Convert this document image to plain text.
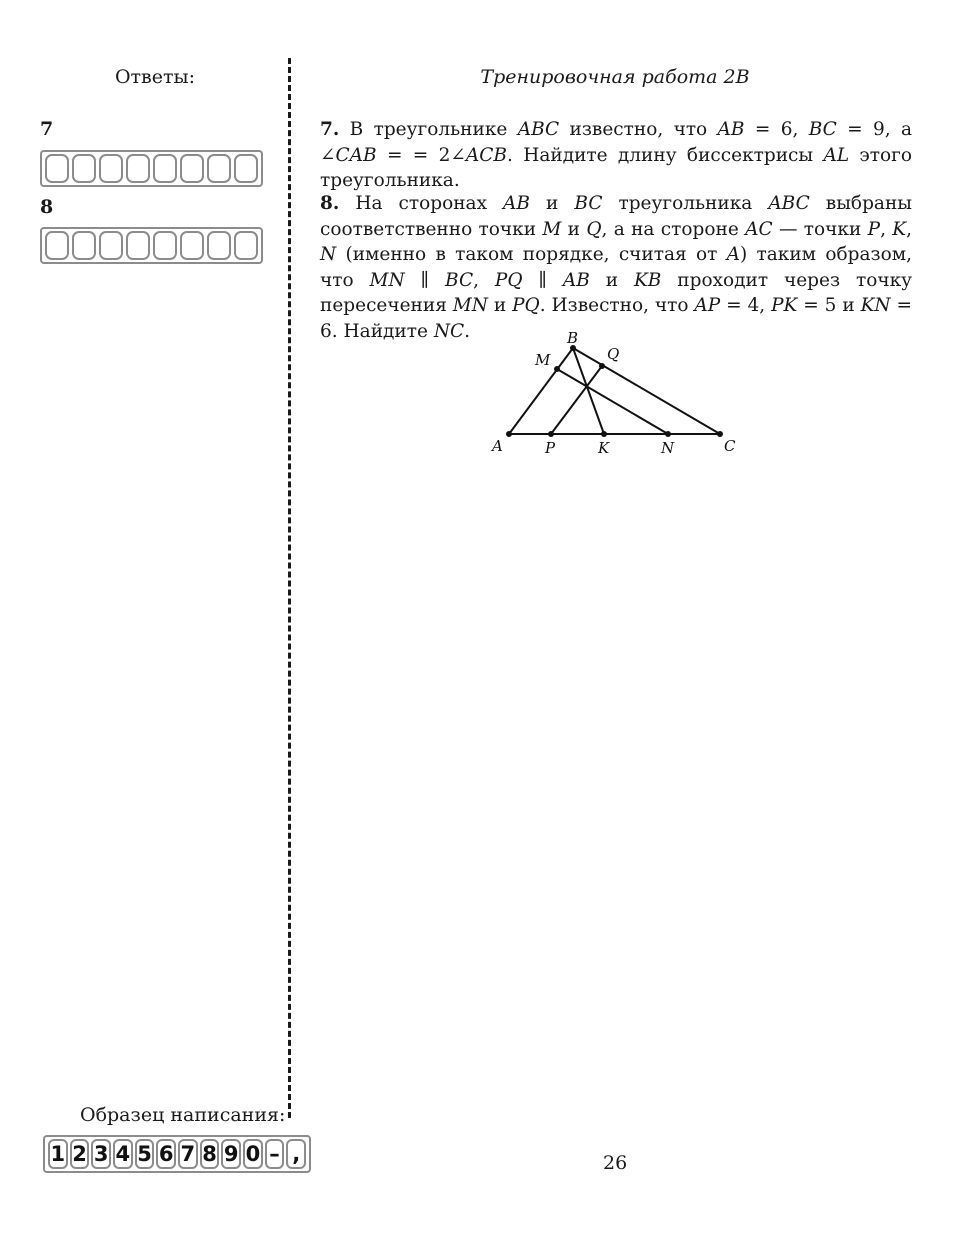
Ответы:
7
8
Тренировочная работа 2В
7. В треугольнике ABC известно, что AB = 6, BC = 9, а ∠CAB = = 2∠ACB. Найдите длину биссектрисы AL этого треугольника.
8. На сторонах AB и BC треугольника ABC выбраны соответственно точки M и Q, а на стороне AC — точки P, K, N (именно в таком порядке, считая от A) таким образом, что MN ∥ BC, PQ ∥ AB и KB проходит через точку пересечения MN и PQ. Известно, что AP = 4, PK = 5 и KN = 6. Найдите NC.
A
B
C
M	Q
P	K	N
Образец написания:
1 2 3 4 5 6 7 8 9 0 – ,	26
